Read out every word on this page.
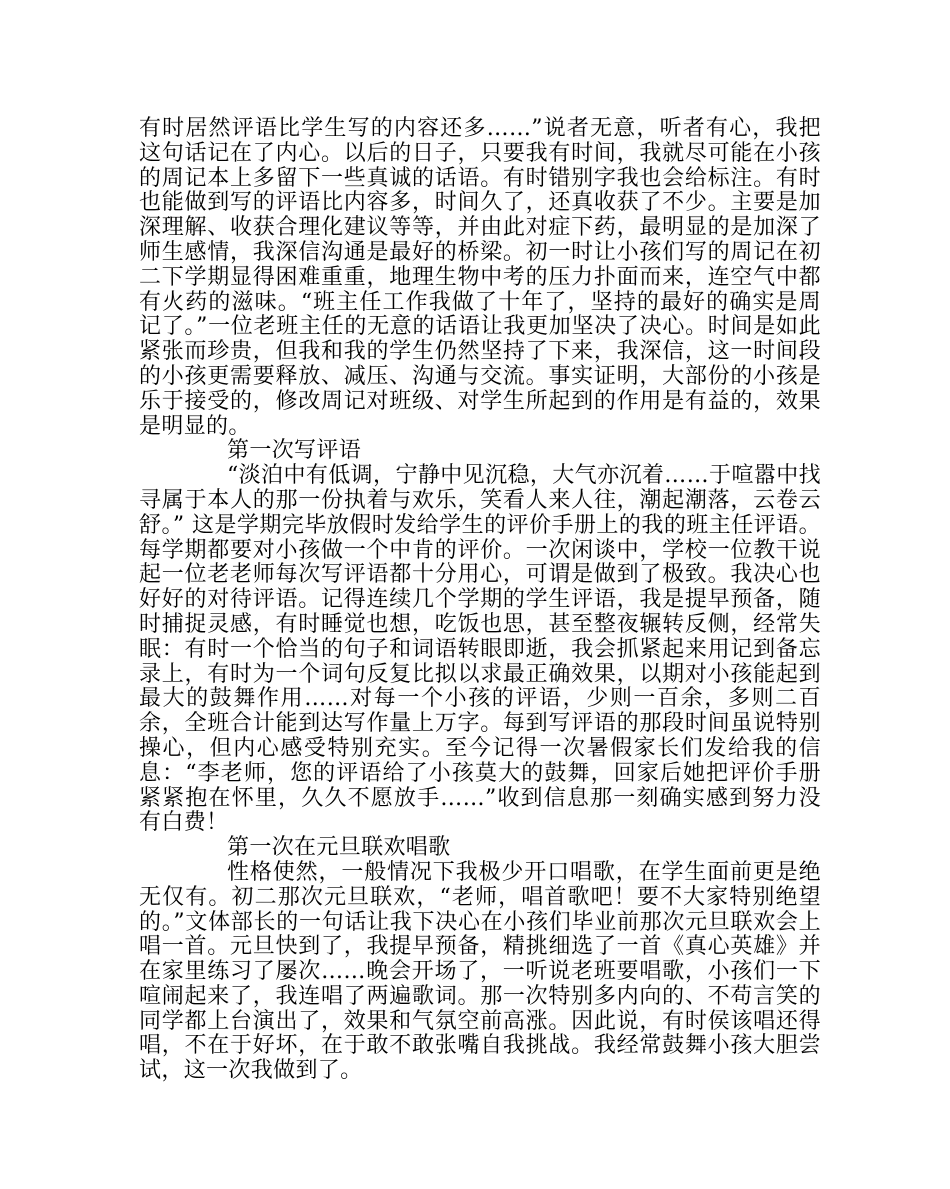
有时居然评语比学生写的内容还多……”说者无意，听者有心，我把这句话记在了内心。以后的日子，只要我有时间，我就尽可能在小孩的周记本上多留下一些真诚的话语。有时错别字我也会给标注。有时也能做到写的评语比内容多，时间久了，还真收获了不少。主要是加深理解、收获合理化建议等等，并由此对症下药，最明显的是加深了师生感情，我深信沟通是最好的桥梁。初一时让小孩们写的周记在初二下学期显得困难重重，地理生物中考的压力扑面而来，连空气中都有火药的滋味。“班主任工作我做了十年了，坚持的最好的确实是周记了。”一位老班主任的无意的话语让我更加坚决了决心。时间是如此紧张而珍贵，但我和我的学生仍然坚持了下来，我深信，这一时间段的小孩更需要释放、减压、沟通与交流。事实证明，大部份的小孩是乐于接受的，修改周记对班级、对学生所起到的作用是有益的，效果是明显的。

第一次写评语

“淡泊中有低调，宁静中见沉稳，大气亦沉着……于喧嚣中找寻属于本人的那一份执着与欢乐，笑看人来人往，潮起潮落，云卷云舒。” 这是学期完毕放假时发给学生的评价手册上的我的班主任评语。每学期都要对小孩做一个中肯的评价。一次闲谈中，学校一位教干说起一位老老师每次写评语都十分用心，可谓是做到了极致。我决心也好好的对待评语。记得连续几个学期的学生评语，我是提早预备，随时捕捉灵感，有时睡觉也想，吃饭也思，甚至整夜辗转反侧，经常失眠：有时一个恰当的句子和词语转眼即逝，我会抓紧起来用记到备忘录上，有时为一个词句反复比拟以求最正确效果，以期对小孩能起到最大的鼓舞作用……对每一个小孩的评语，少则一百余，多则二百余，全班合计能到达写作量上万字。每到写评语的那段时间虽说特别操心，但内心感受特别充实。至今记得一次暑假家长们发给我的信息：“李老师，您的评语给了小孩莫大的鼓舞，回家后她把评价手册紧紧抱在怀里，久久不愿放手……”收到信息那一刻确实感到努力没有白费！

第一次在元旦联欢唱歌

性格使然，一般情况下我极少开口唱歌，在学生面前更是绝无仅有。初二那次元旦联欢，“老师，唱首歌吧！要不大家特别绝望的。”文体部长的一句话让我下决心在小孩们毕业前那次元旦联欢会上唱一首。元旦快到了，我提早预备，精挑细选了一首《真心英雄》并在家里练习了屡次……晚会开场了，一听说老班要唱歌，小孩们一下喧闹起来了，我连唱了两遍歌词。那一次特别多内向的、不苟言笑的同学都上台演出了，效果和气氛空前高涨。因此说，有时侯该唱还得唱，不在于好坏，在于敢不敢张嘴自我挑战。我经常鼓舞小孩大胆尝试，这一次我做到了。
